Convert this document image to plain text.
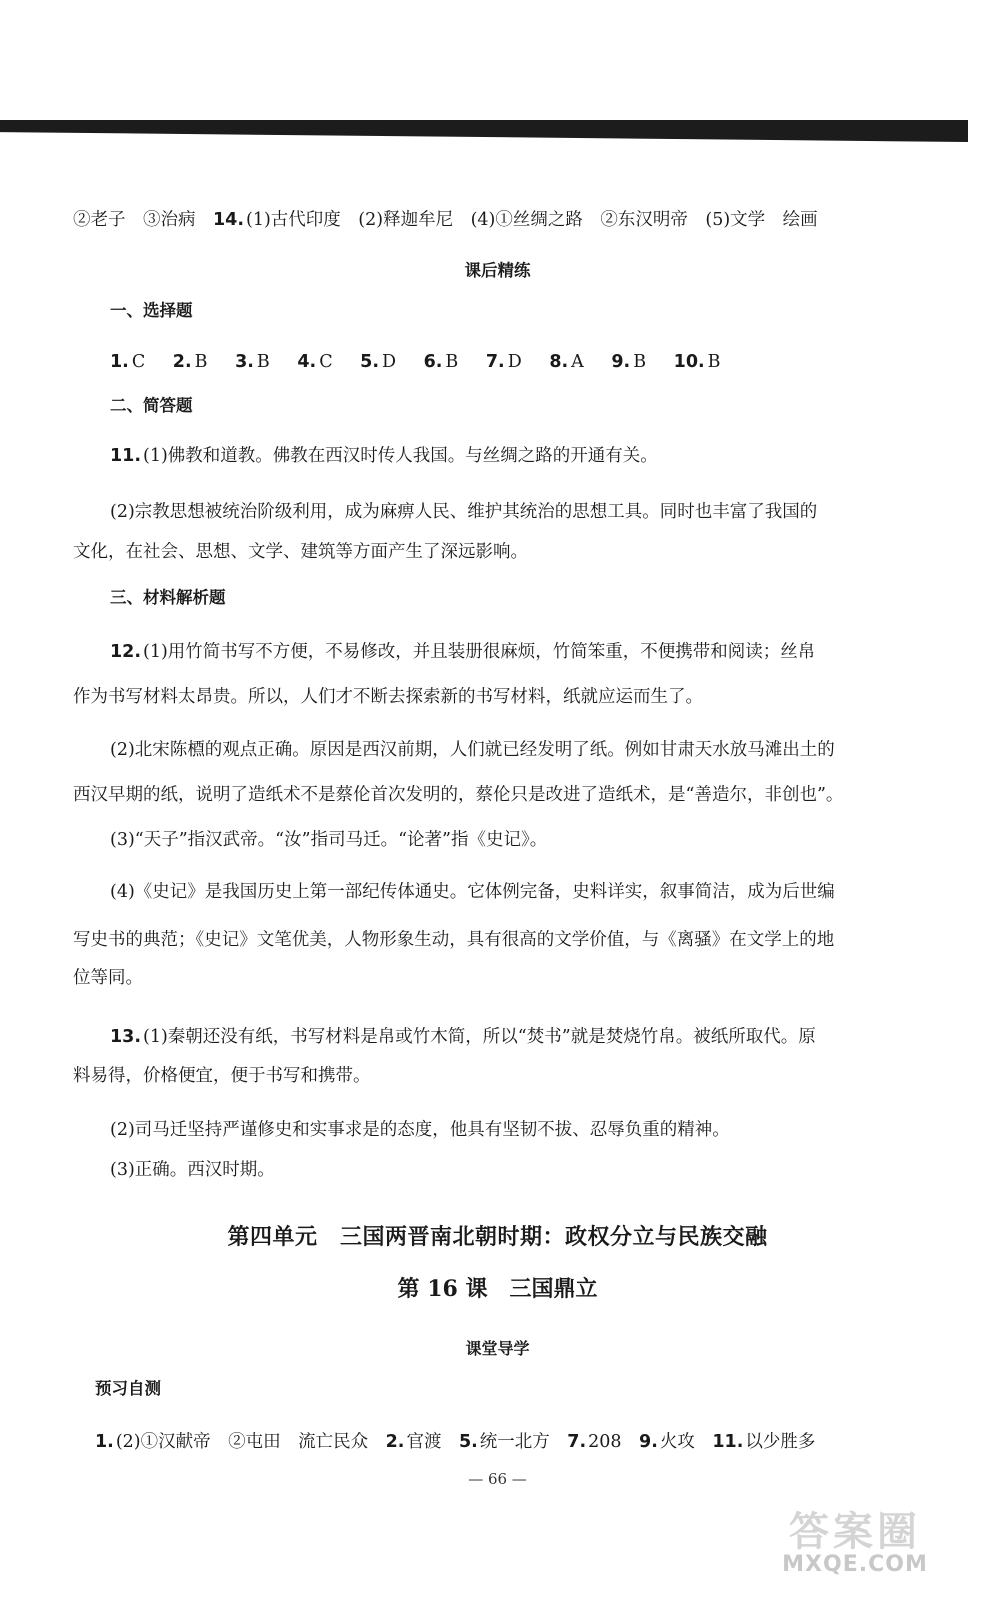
②老子　③治病　14. (1)古代印度　(2)释迦牟尼　(4)①丝绸之路　②东汉明帝　(5)文学　绘画
课后精练
一、选择题
1. C 2. B 3. B 4. C 5. D 6. B 7. D 8. A 9. B 10. B
二、简答题
11. (1)佛教和道教。佛教在西汉时传人我国。与丝绸之路的开通有关。
(2)宗教思想被统治阶级利用，成为麻痹人民、维护其统治的思想工具。同时也丰富了我国的
文化，在社会、思想、文学、建筑等方面产生了深远影响。
三、材料解析题
12. (1)用竹简书写不方便，不易修改，并且装册很麻烦，竹简笨重，不便携带和阅读；丝帛
作为书写材料太昂贵。所以，人们才不断去探索新的书写材料，纸就应运而生了。
(2)北宋陈槱的观点正确。原因是西汉前期，人们就已经发明了纸。例如甘肃天水放马滩出土的
西汉早期的纸，说明了造纸术不是蔡伦首次发明的，蔡伦只是改进了造纸术，是“善造尔，非创也”。
(3)“天子”指汉武帝。“汝”指司马迁。“论著”指《史记》。
(4)《史记》是我国历史上第一部纪传体通史。它体例完备，史料详实，叙事简洁，成为后世编
写史书的典范；《史记》文笔优美，人物形象生动，具有很高的文学价值，与《离骚》在文学上的地
位等同。
13. (1)秦朝还没有纸，书写材料是帛或竹木简，所以“焚书”就是焚烧竹帛。被纸所取代。原
料易得，价格便宜，便于书写和携带。
(2)司马迁坚持严谨修史和实事求是的态度，他具有坚韧不拔、忍辱负重的精神。
(3)正确。西汉时期。
第四单元　三国两晋南北朝时期：政权分立与民族交融
第 16 课　三国鼎立
课堂导学
预习自测
1. (2)①汉献帝　②屯田　流亡民众　2. 官渡　5. 统一北方　7. 208　9. 火攻　11. 以少胜多
— 66 —
答案圈
MXQE.COM
